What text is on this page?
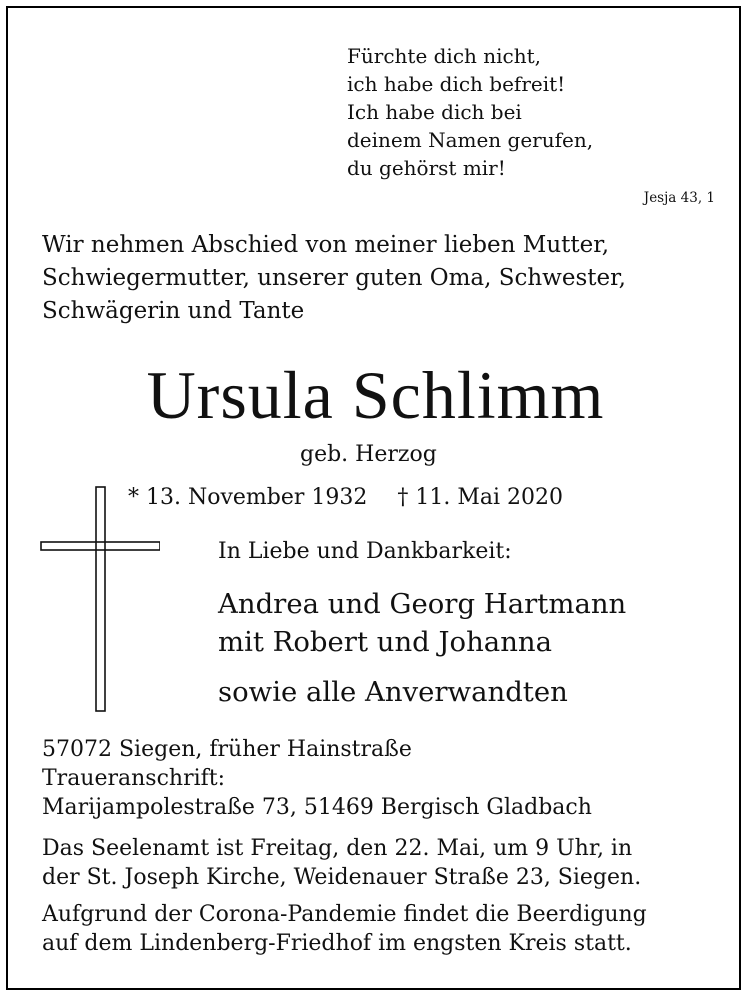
Fürchte dich nicht,
ich habe dich befreit!
Ich habe dich bei
deinem Namen gerufen,
du gehörst mir!
Jesja 43, 1
Wir nehmen Abschied von meiner lieben Mutter,
Schwiegermutter, unserer guten Oma, Schwester,
Schwägerin und Tante
Ursula Schlimm
geb. Herzog
* 13. November 1932 † 11. Mai 2020
In Liebe und Dankbarkeit:
Andrea und Georg Hartmann
mit Robert und Johanna
sowie alle Anverwandten
57072 Siegen, früher Hainstraße
Traueranschrift:
Marijampolestraße 73, 51469 Bergisch Gladbach
Das Seelenamt ist Freitag, den 22. Mai, um 9 Uhr, in
der St. Joseph Kirche, Weidenauer Straße 23, Siegen.
Aufgrund der Corona-Pandemie findet die Beerdigung
auf dem Lindenberg-Friedhof im engsten Kreis statt.
